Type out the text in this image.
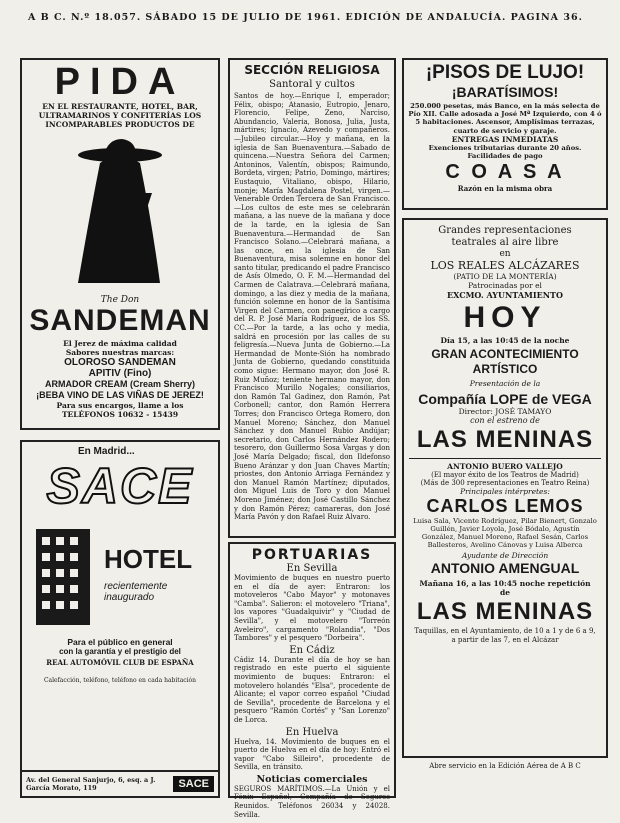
A B C. N.º 18.057. SÁBADO 15 DE JULIO DE 1961. EDICIÓN DE ANDALUCÍA. PAGINA 36.
PIDA
EN EL RESTAURANTE, HOTEL, BAR, ULTRAMARINOS Y CONFITERÍAS LOS INCOMPARABLES PRODUCTOS DE
The Don
SANDEMAN
El Jerez de máxima calidad
Sabores nuestras marcas:
OLOROSO SANDEMAN
APITIV (Fino)
ARMADOR CREAM (Cream Sherry)
¡BEBA VINO DE LAS VIÑAS DE JEREZ!
Para sus encargos, llame a los TELÉFONOS 10632 - 15439
En Madrid...
SACE
HOTEL
recientemente
inaugurado
Para el público en general
con la garantía y el prestigio del
REAL AUTOMÓVIL CLUB DE ESPAÑA
Calefacción, teléfono, teléfono en cada habitación
Av. del General Sanjurjo, 6, esq. a J. García Morato, 119	SACE
SECCIÓN RELIGIOSA
Santoral y cultos
Santos de hoy.—Enrique I, emperador; Félix, obispo; Atanasio, Eutropio, Jenaro, Florencio, Felipe, Zeno, Narciso, Abundancio, Valeria, Bonosa, Julia, Justa, mártires; Ignacio, Azevedo y compañeros.—Jubileo circular.—Hoy y mañana, en la iglesia de San Buenaventura.—Sabado de quincena.—Nuestra Señora del Carmen; Antoninos, Valentín, obispos; Raimundo, Bordeta, virgen; Patrio, Domingo, mártires; Eustaquio, Vitaliano, obispo, Hilario, monje; María Magdalena Postel, virgen.—Venerable Orden Tercera de San Francisco.—Los cultos de este mes se celebrarán mañana, a las nueve de la mañana y doce de la tarde, en la iglesia de San Buenaventura.—Hermandad de San Francisco Solano.—Celebrará mañana, a las once, en la iglesia de San Buenaventura, misa solemne en honor del santo titular, predicando el padre Francisco de Asís Olmedo, O. F. M.—Hermandad del Carmen de Calatrava.—Celebrará mañana, domingo, a las diez y media de la mañana, función solemne en honor de la Santísima Virgen del Carmen, con panegírico a cargo del R. P. José María Rodríguez, de los SS. CC.—Por la tarde, a las ocho y media, saldrá en procesión por las calles de su feligresía.—Nueva Junta de Gobierno.—La Hermandad de Monte-Sión ha nombrado Junta de Gobierno, quedando constituida como sigue: Hermano mayor, don José R. Ruiz Muñoz; teniente hermano mayor, don Francisco Murillo Nogales; consiliarios, don Ramón Tal Gadinez, don Ramón, Pat Corbonell; cantor, don Ramón Herrera Torres; don Francisco Ortega Romero, don Manuel Moreno; Sánchez, don Manuel Sánchez y don Manuel Rubio Andújar; secretario, don Carlos Hernández Rodero; tesorero, don Guillermo Sosa Vargas y don José María Delgado; fiscal, don Ildefonso Bueno Aránzar y don Juan Chaves Martín; priostes, don Antonio Arriaga Fernández y don Manuel Ramón Martínez; diputados, don Miguel Luis de Toro y don Manuel Moreno Jiménez; don José Castillo Sánchez y don Ramón Pérez; camareras, don José María Pavón y don Rafael Ruiz Alvaro.
PORTUARIAS
En Sevilla
Movimiento de buques en nuestro puerto en el día de ayer: Entraron: los motoveleros "Cabo Mayor" y motonaves "Camba". Salieron: el motovelero "Triana", los vapores "Guadalquivir" y "Ciudad de Sevilla", y el motovelero "Torreón Aveleiro", cargamento "Rolandia", "Dos Tambores" y el pesquero "Dorbeira".
En Cádiz
Cádiz 14. Durante el día de hoy se han registrado en este puerto el siguiente movimiento de buques: Entraron: el motovelero holandés "Elsa", procedente de Alicante; el vapor correo español "Ciudad de Sevilla", procedente de Barcelona y el pesquero "Ramón Cortés" y "San Lorenzo" de Lorca.
En Huelva
Huelva, 14. Movimiento de buques en el puerto de Huelva en el día de hoy: Entró el vapor "Cabo Silleiro", procedente de Sevilla, en tránsito.
Noticias comerciales
SEGUROS MARÍTIMOS.—La Unión y el Fénix Español, Compañía de Seguros Reunidos. Teléfonos 26034 y 24028. Sevilla.
¡PISOS DE LUJO!
¡BARATÍSIMOS!
250.000 pesetas, más Banco, en la más selecta de Pío XII. Calle adosada a José Mª Izquierdo, con 4 ó 5 habitaciones. Ascensor, Amplísimas terrazas, cuarto de servicio y garaje.
ENTREGAS INMEDIATAS
Exenciones tributarias durante 20 años. Facilidades de pago
C O A S A
Razón en la misma obra
Grandes representaciones teatrales al aire libre
en
LOS REALES ALCÁZARES
(PATIO DE LA MONTERÍA)
Patrocinadas por el
EXCMO. AYUNTAMIENTO
HOY
Día 15, a las 10:45 de la noche
GRAN ACONTECIMIENTO ARTÍSTICO
Presentación de la
Compañía LOPE de VEGA
Director: JOSÉ TAMAYO
con el estreno de
LAS MENINAS
ANTONIO BUERO VALLEJO
(El mayor éxito de los Teatros de Madrid)
(Más de 300 representaciones en Teatro Reina)
Principales intérpretes:
CARLOS LEMOS
Luisa Sala, Vicente Rodríguez, Pilar Bienert, Gonzalo Guillén, Javier Loyola, José Bódalo, Agustín González, Manuel Moreno, Rafael Sesán, Carlos Ballesteros, Avelino Cánovas y Luisa Alberca
Ayudante de Dirección
ANTONIO AMENGUAL
Mañana 16, a las 10:45 noche repetición de
LAS MENINAS
Taquillas, en el Ayuntamiento, de 10 a 1 y de 6 a 9, a partir de las 7, en el Alcázar
Abre servicio en la Edición Aérea de A B C
